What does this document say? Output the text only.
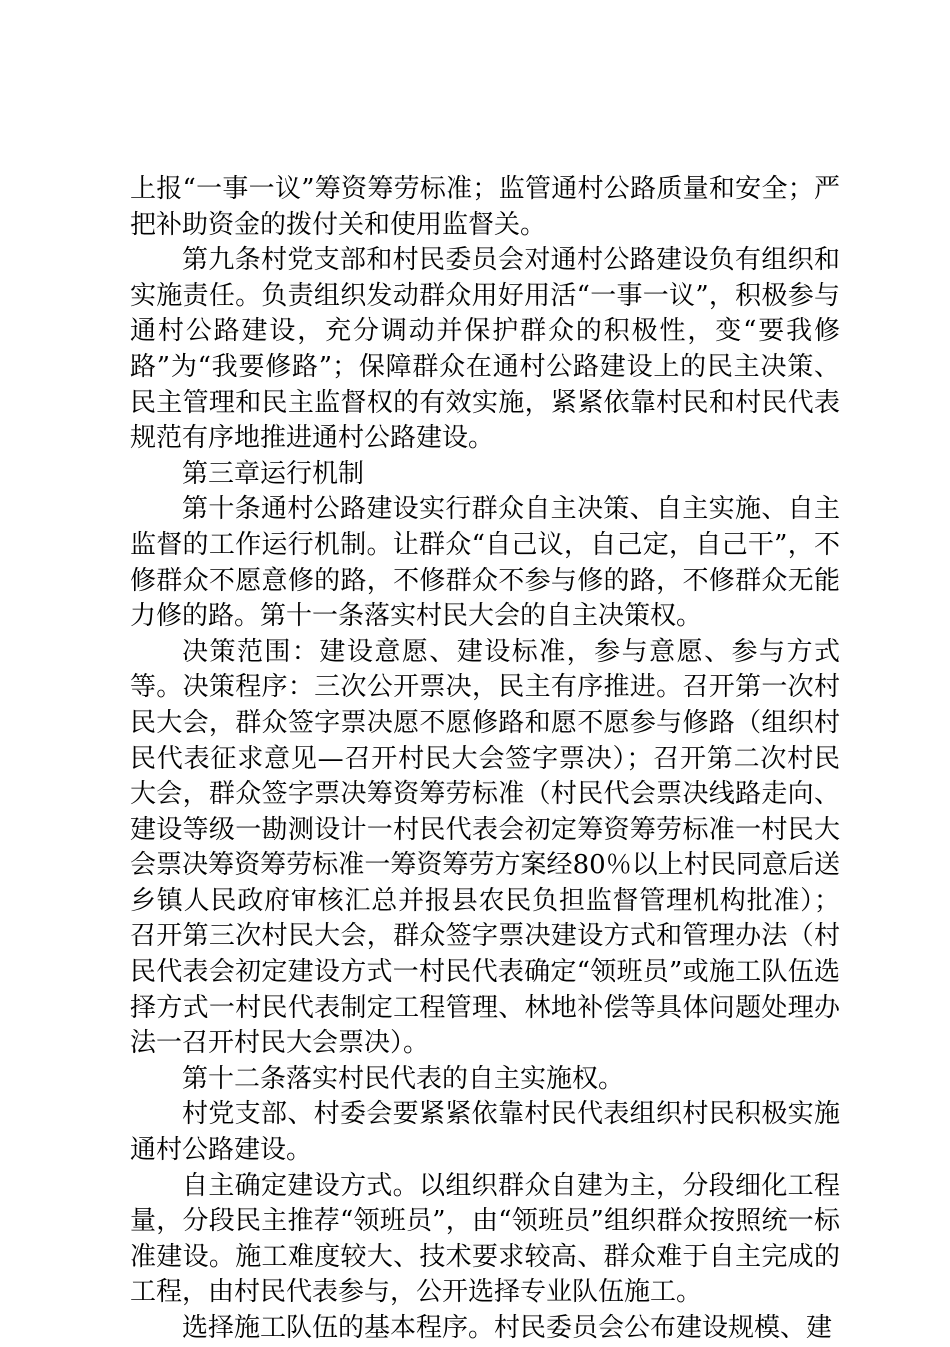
上报“一事一议”筹资筹劳标准；监管通村公路质量和安全；严把补助资金的拨付关和使用监督关。

第九条村党支部和村民委员会对通村公路建设负有组织和实施责任。负责组织发动群众用好用活“一事一议”，积极参与通村公路建设，充分调动并保护群众的积极性，变“要我修路”为“我要修路”；保障群众在通村公路建设上的民主决策、民主管理和民主监督权的有效实施，紧紧依靠村民和村民代表规范有序地推进通村公路建设。

第三章运行机制

第十条通村公路建设实行群众自主决策、自主实施、自主监督的工作运行机制。让群众“自己议，自己定，自己干”，不修群众不愿意修的路，不修群众不参与修的路，不修群众无能力修的路。第十一条落实村民大会的自主决策权。

决策范围：建设意愿、建设标准，参与意愿、参与方式等。决策程序：三次公开票决，民主有序推进。召开第一次村民大会，群众签字票决愿不愿修路和愿不愿参与修路（组织村民代表征求意见—召开村民大会签字票决）；召开第二次村民大会，群众签字票决筹资筹劳标准（村民代会票决线路走向、建设等级一勘测设计一村民代表会初定筹资筹劳标准一村民大会票决筹资筹劳标准一筹资筹劳方案经80％以上村民同意后送乡镇人民政府审核汇总并报县农民负担监督管理机构批准）；召开第三次村民大会，群众签字票决建设方式和管理办法（村民代表会初定建设方式一村民代表确定“领班员”或施工队伍选择方式一村民代表制定工程管理、林地补偿等具体问题处理办法一召开村民大会票决）。

第十二条落实村民代表的自主实施权。

村党支部、村委会要紧紧依靠村民代表组织村民积极实施通村公路建设。

自主确定建设方式。以组织群众自建为主，分段细化工程量，分段民主推荐“领班员”，由“领班员”组织群众按照统一标准建设。施工难度较大、技术要求较高、群众难于自主完成的工程，由村民代表参与，公开选择专业队伍施工。

选择施工队伍的基本程序。村民委员会公布建设规模、建
